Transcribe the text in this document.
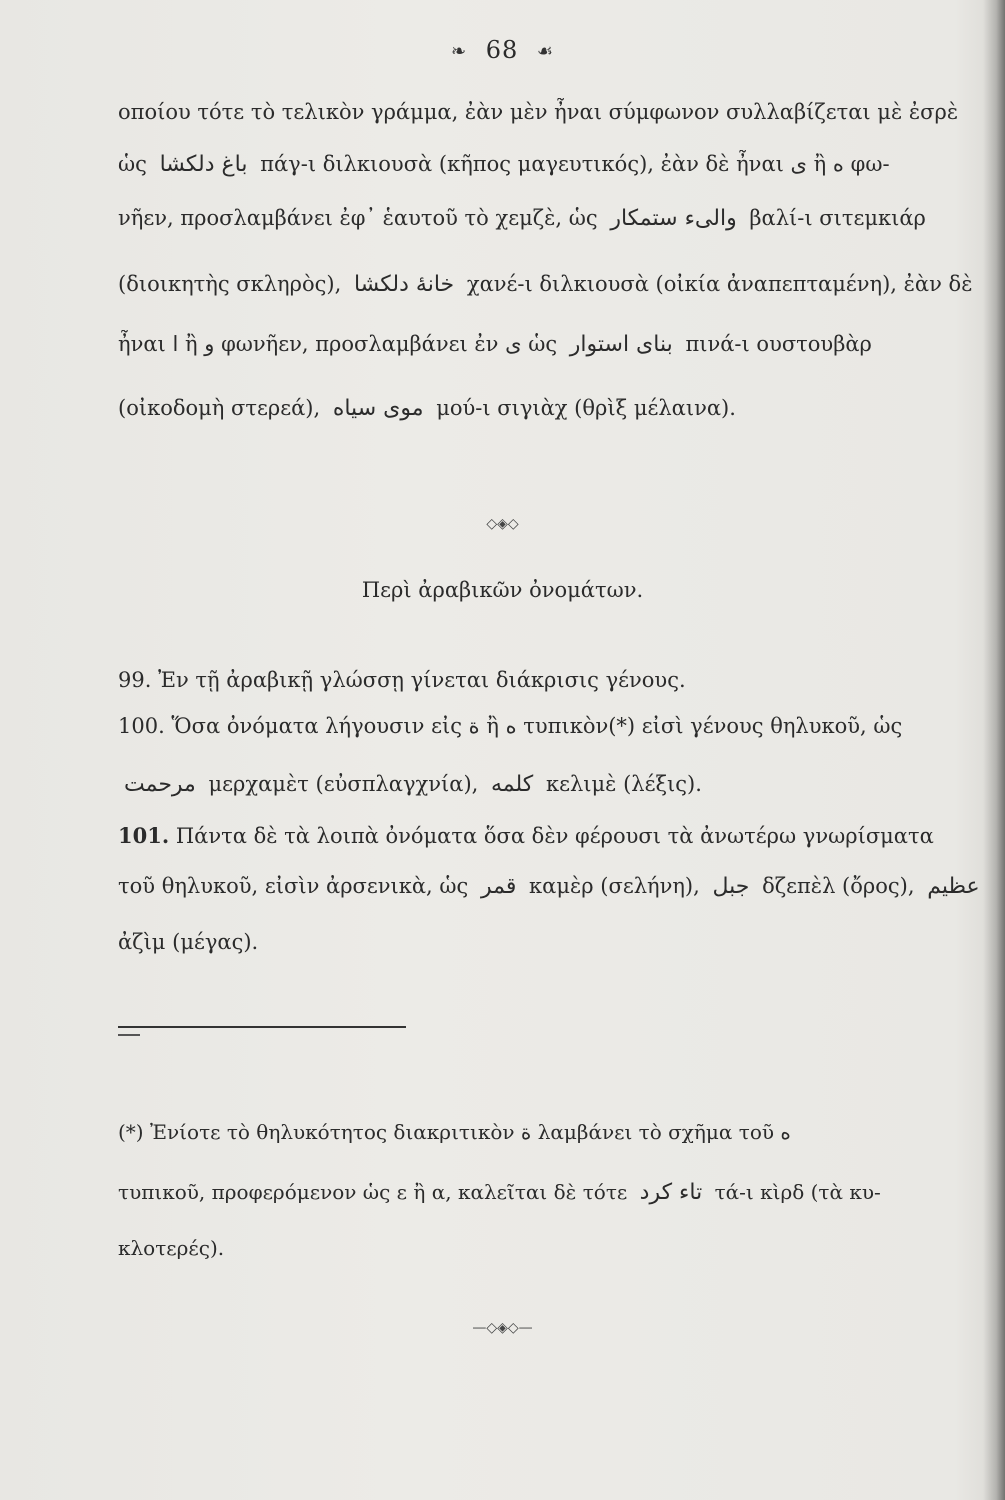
❧ 68 ☙
οποίου τότε τὸ τελικὸν γράμμα, ἐὰν μὲν ἦναι σύμφωνον συλλαβίζεται μὲ ἐσρὲ
ὡς باغ دلكشا πάγ-ι διλκιουσὰ (κῆπος μαγευτικός), ἐὰν δὲ ἦναι ی ἢ ه φω-
νῆεν, προσλαμβάνει ἐφ᾽ ἑαυτοῦ τὸ χεμζὲ, ὡς والیء ستمكار βαλί-ι σιτεμκιάρ
(διοικητὴς σκληρὸς), خانهٔ دلكشا χανέ-ι διλκιουσὰ (οἰκία ἀναπεπταμένη), ἐὰν δὲ
ἦναι ا ἢ و φωνῆεν, προσλαμβάνει ἐν ی ὡς بنای استوار πινά-ι ουστουβὰρ
(οἰκοδομὴ στερεά), موی سیاه μού-ι σιγιὰχ (θρὶξ μέλαινα).
◇◈◇
Περὶ ἀραβικῶν ὀνομάτων.
99. Ἐν τῇ ἀραβικῇ γλώσσῃ γίνεται διάκρισις γένους.
100. Ὅσα ὀνόματα λήγουσιν εἰς ة ἢ ه τυπικὸν(*) εἰσὶ γένους θηλυκοῦ, ὡς
مرحمت μερχαμὲτ (εὐσπλαγχνία), كلمه κελιμὲ (λέξις).
101. Πάντα δὲ τὰ λοιπὰ ὀνόματα ὅσα δὲν φέρουσι τὰ ἀνωτέρω γνωρίσματα
τοῦ θηλυκοῦ, εἰσὶν ἀρσενικὰ, ὡς قمر καμὲρ (σελήνη), جبل δζεπὲλ (ὄρος), عظيم
ἀζὶμ (μέγας).
(*) Ἐνίοτε τὸ θηλυκότητος διακριτικὸν ة λαμβάνει τὸ σχῆμα τοῦ ه
τυπικοῦ, προφερόμενον ὡς ε ἢ α, καλεῖται δὲ τότε تاء كرد τά-ι κὶρδ (τὰ κυ-
κλοτερές).
—◇◈◇—
